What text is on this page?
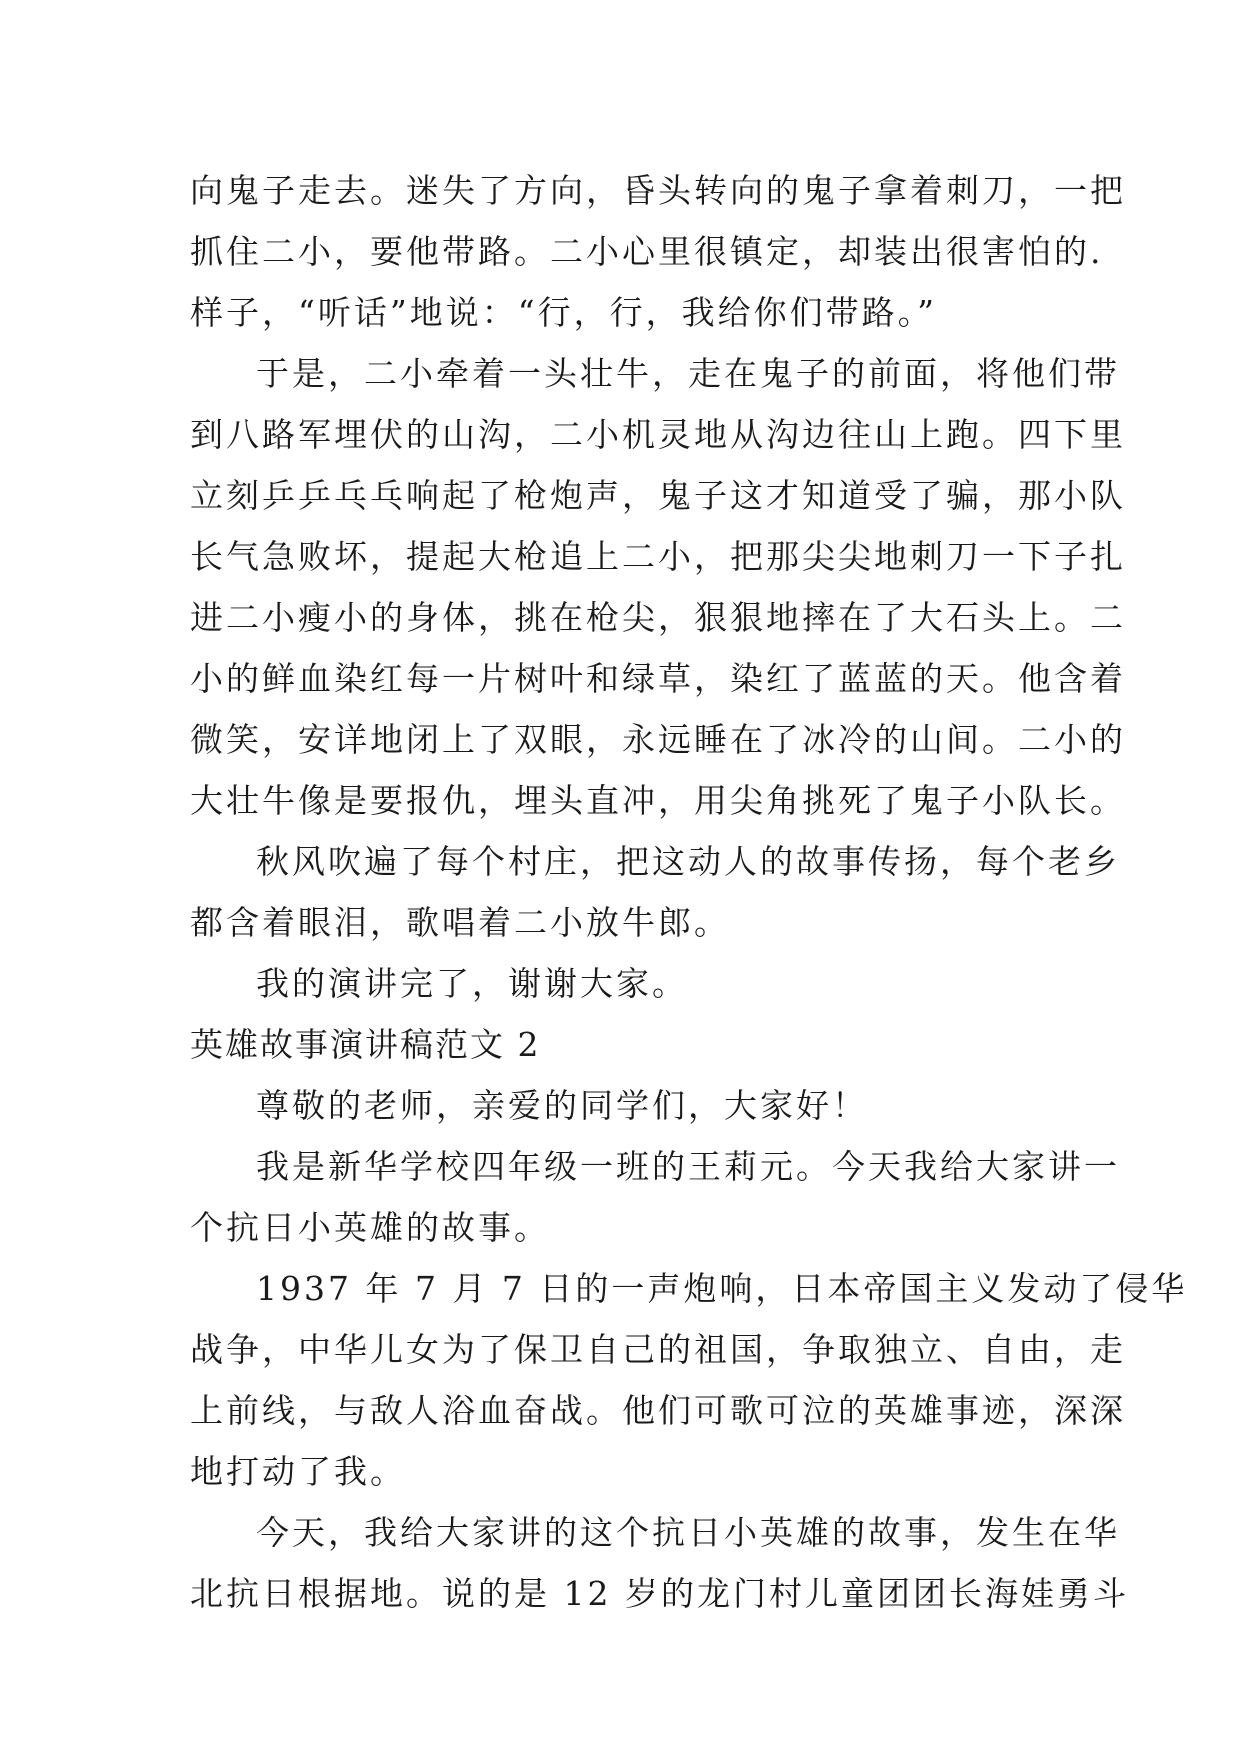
向鬼子走去。迷失了方向，昏头转向的鬼子拿着刺刀，一把
抓住二小，要他带路。二小心里很镇定，却装出很害怕的.
样子，“听话”地说：“行，行，我给你们带路。”
于是，二小牵着一头壮牛，走在鬼子的前面，将他们带
到八路军埋伏的山沟，二小机灵地从沟边往山上跑。四下里
立刻乒乒乓乓响起了枪炮声，鬼子这才知道受了骗，那小队
长气急败坏，提起大枪追上二小，把那尖尖地刺刀一下子扎
进二小瘦小的身体，挑在枪尖，狠狠地摔在了大石头上。二
小的鲜血染红每一片树叶和绿草，染红了蓝蓝的天。他含着
微笑，安详地闭上了双眼，永远睡在了冰冷的山间。二小的
大壮牛像是要报仇，埋头直冲，用尖角挑死了鬼子小队长。
秋风吹遍了每个村庄，把这动人的故事传扬，每个老乡
都含着眼泪，歌唱着二小放牛郎。
我的演讲完了，谢谢大家。
英雄故事演讲稿范文 2
尊敬的老师，亲爱的同学们，大家好！
我是新华学校四年级一班的王莉元。今天我给大家讲一
个抗日小英雄的故事。
1937 年 7 月 7 日的一声炮响，日本帝国主义发动了侵华
战争，中华儿女为了保卫自己的祖国，争取独立、自由，走
上前线，与敌人浴血奋战。他们可歌可泣的英雄事迹，深深
地打动了我。
今天，我给大家讲的这个抗日小英雄的故事，发生在华
北抗日根据地。说的是 12 岁的龙门村儿童团团长海娃勇斗
